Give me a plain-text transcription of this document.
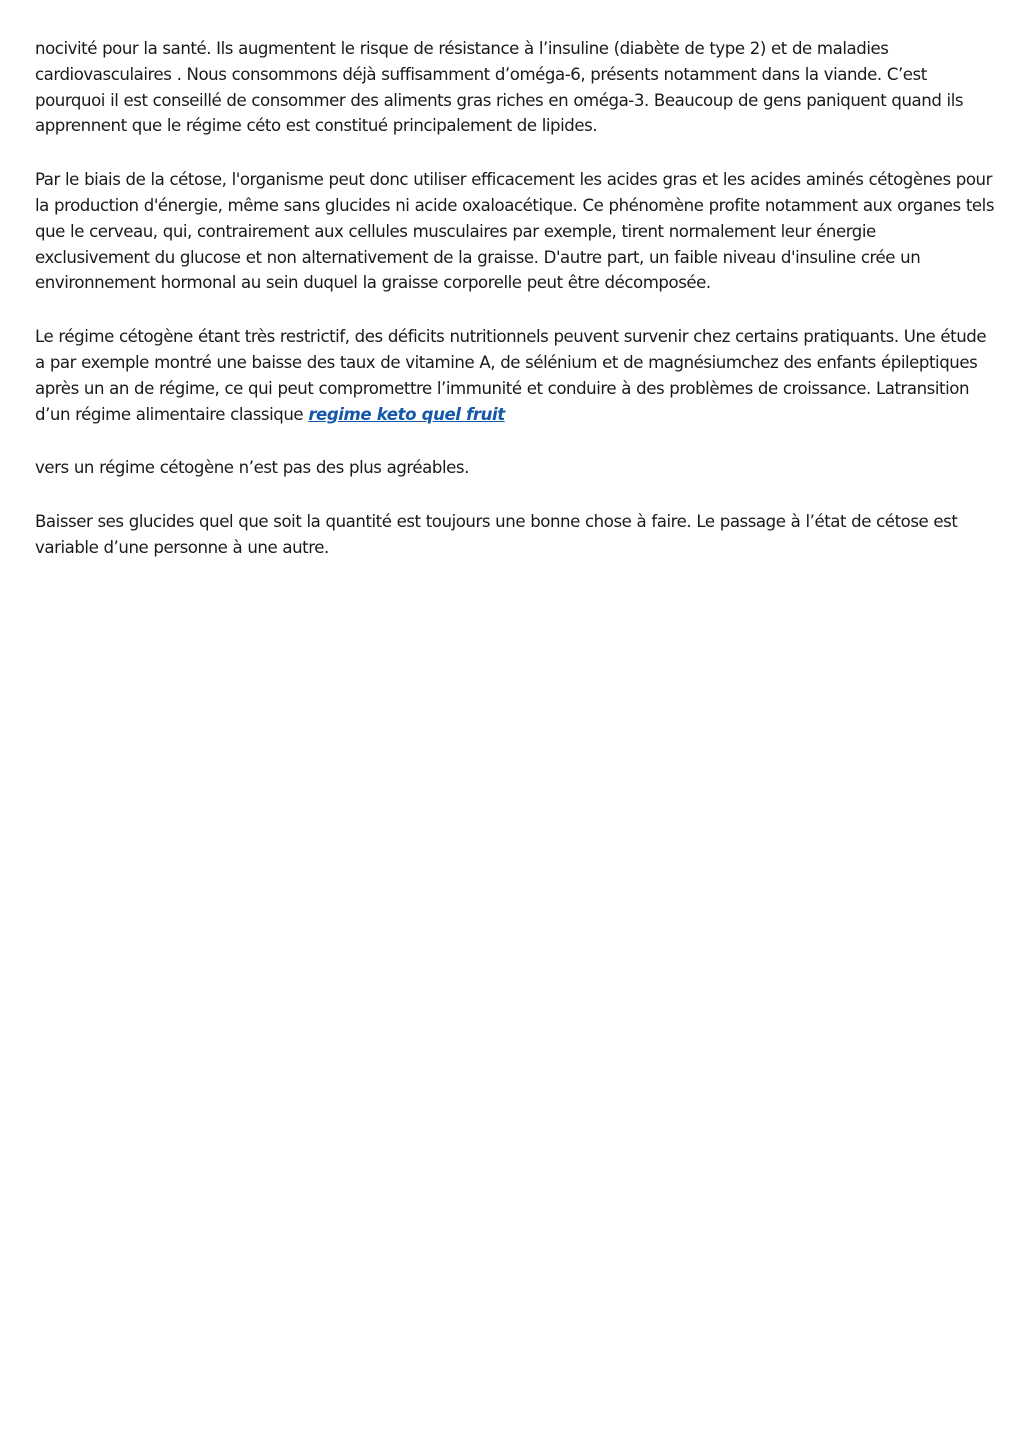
nocivité pour la santé. Ils augmentent le risque de résistance à l’insuline (diabète de type 2) et de maladies cardiovasculaires . Nous consommons déjà suffisamment d’oméga-6, présents notamment dans la viande. C’est pourquoi il est conseillé de consommer des aliments gras riches en oméga-3. Beaucoup de gens paniquent quand ils apprennent que le régime céto est constitué principalement de lipides.

Par le biais de la cétose, l'organisme peut donc utiliser efficacement les acides gras et les acides aminés cétogènes pour la production d'énergie, même sans glucides ni acide oxaloacétique. Ce phénomène profite notamment aux organes tels que le cerveau, qui, contrairement aux cellules musculaires par exemple, tirent normalement leur énergie exclusivement du glucose et non alternativement de la graisse. D'autre part, un faible niveau d'insuline crée un environnement hormonal au sein duquel la graisse corporelle peut être décomposée.

Le régime cétogène étant très restrictif, des déficits nutritionnels peuvent survenir chez certains pratiquants. Une étude a par exemple montré une baisse des taux de vitamine A, de sélénium et de magnésiumchez des enfants épileptiques après un an de régime, ce qui peut compromettre l’immunité et conduire à des problèmes de croissance. Latransition d’un régime alimentaire classique regime keto quel fruit

vers un régime cétogène n’est pas des plus agréables.

Baisser ses glucides quel que soit la quantité est toujours une bonne chose à faire. Le passage à l’état de cétose est variable d’une personne à une autre.
